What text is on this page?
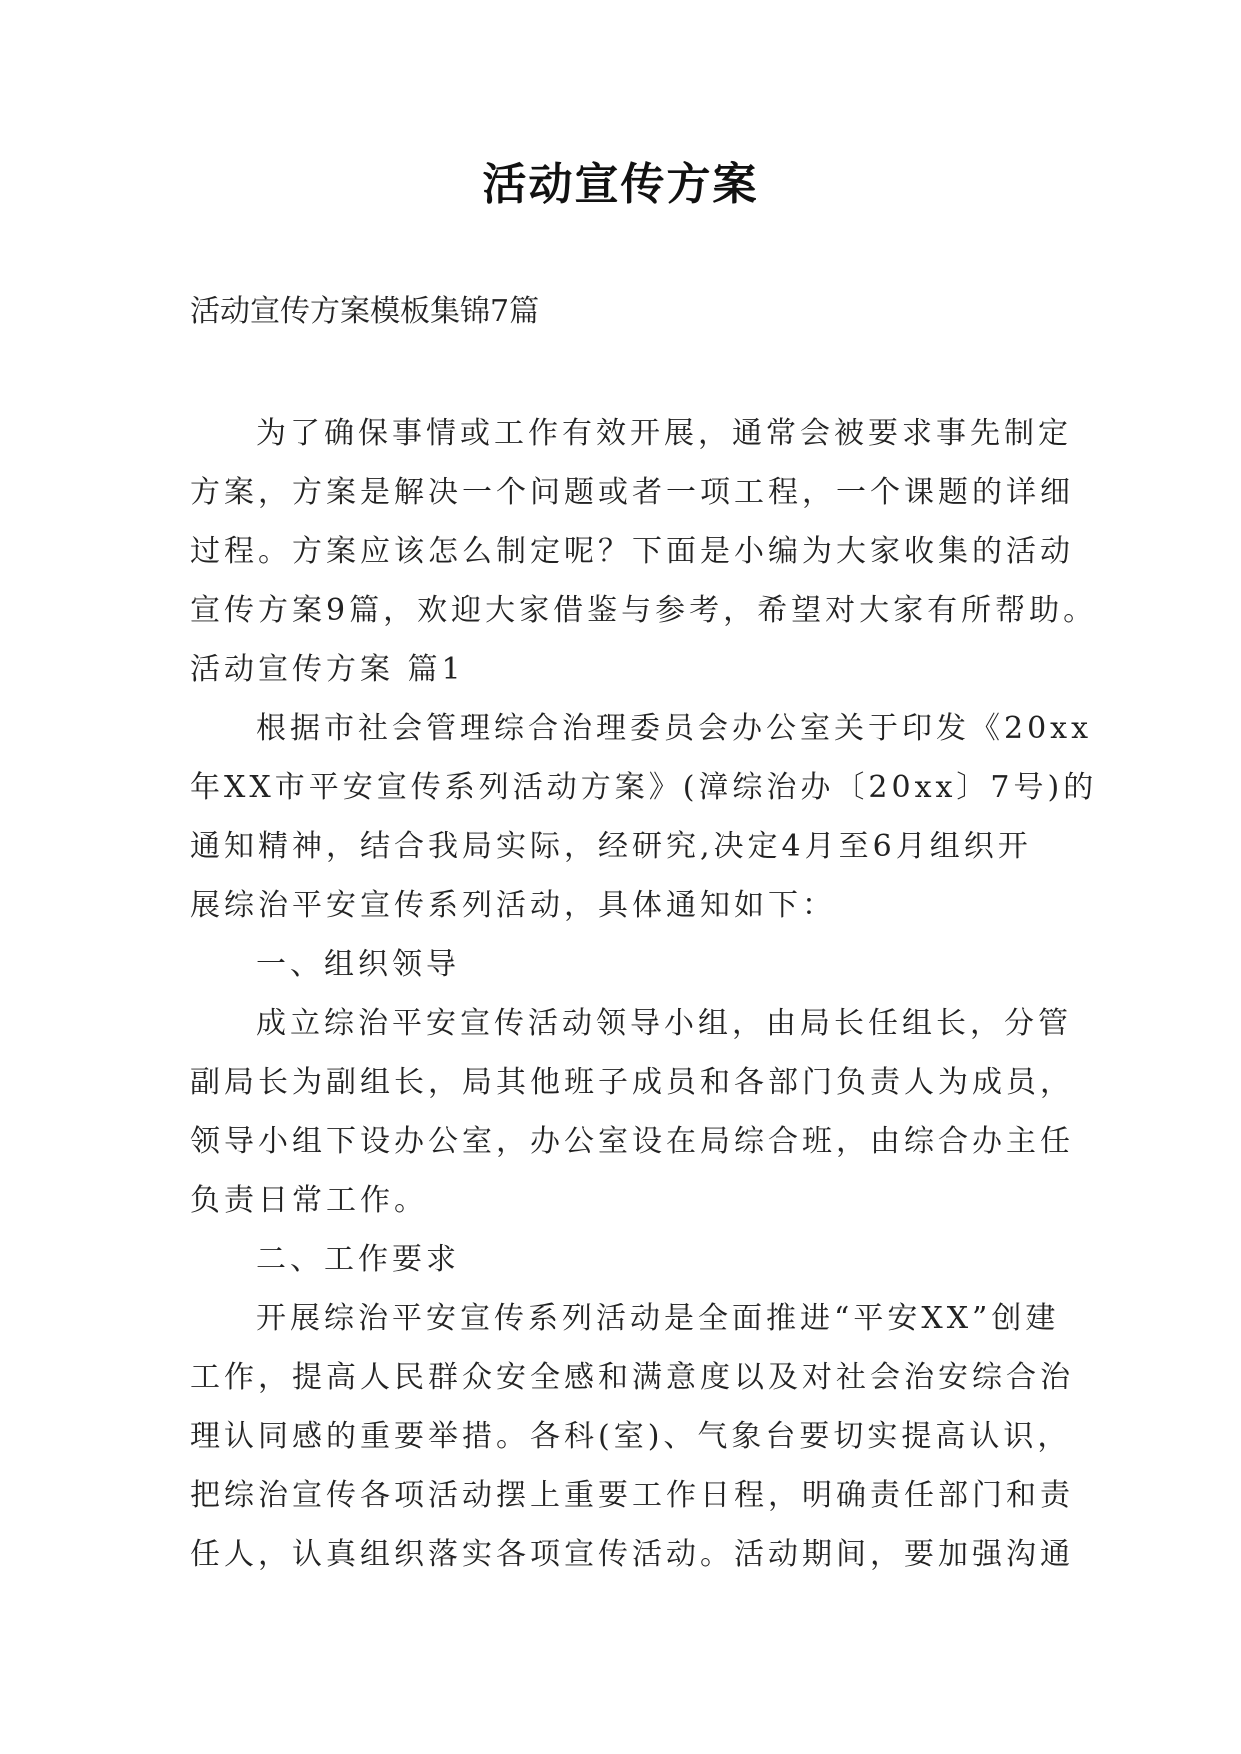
活动宣传方案
活动宣传方案模板集锦7篇
为了确保事情或工作有效开展，通常会被要求事先制定
方案，方案是解决一个问题或者一项工程，一个课题的详细
过程。方案应该怎么制定呢？下面是小编为大家收集的活动
宣传方案9篇，欢迎大家借鉴与参考，希望对大家有所帮助。
活动宣传方案 篇1
根据市社会管理综合治理委员会办公室关于印发《20xx
年XX市平安宣传系列活动方案》(漳综治办〔20xx〕7号)的
通知精神，结合我局实际，经研究,决定4月至6月组织开
展综治平安宣传系列活动，具体通知如下：
一、组织领导
成立综治平安宣传活动领导小组，由局长任组长，分管
副局长为副组长，局其他班子成员和各部门负责人为成员，
领导小组下设办公室，办公室设在局综合班，由综合办主任
负责日常工作。
二、工作要求
开展综治平安宣传系列活动是全面推进“平安XX”创建
工作，提高人民群众安全感和满意度以及对社会治安综合治
理认同感的重要举措。各科(室)、气象台要切实提高认识，
把综治宣传各项活动摆上重要工作日程，明确责任部门和责
任人，认真组织落实各项宣传活动。活动期间，要加强沟通
